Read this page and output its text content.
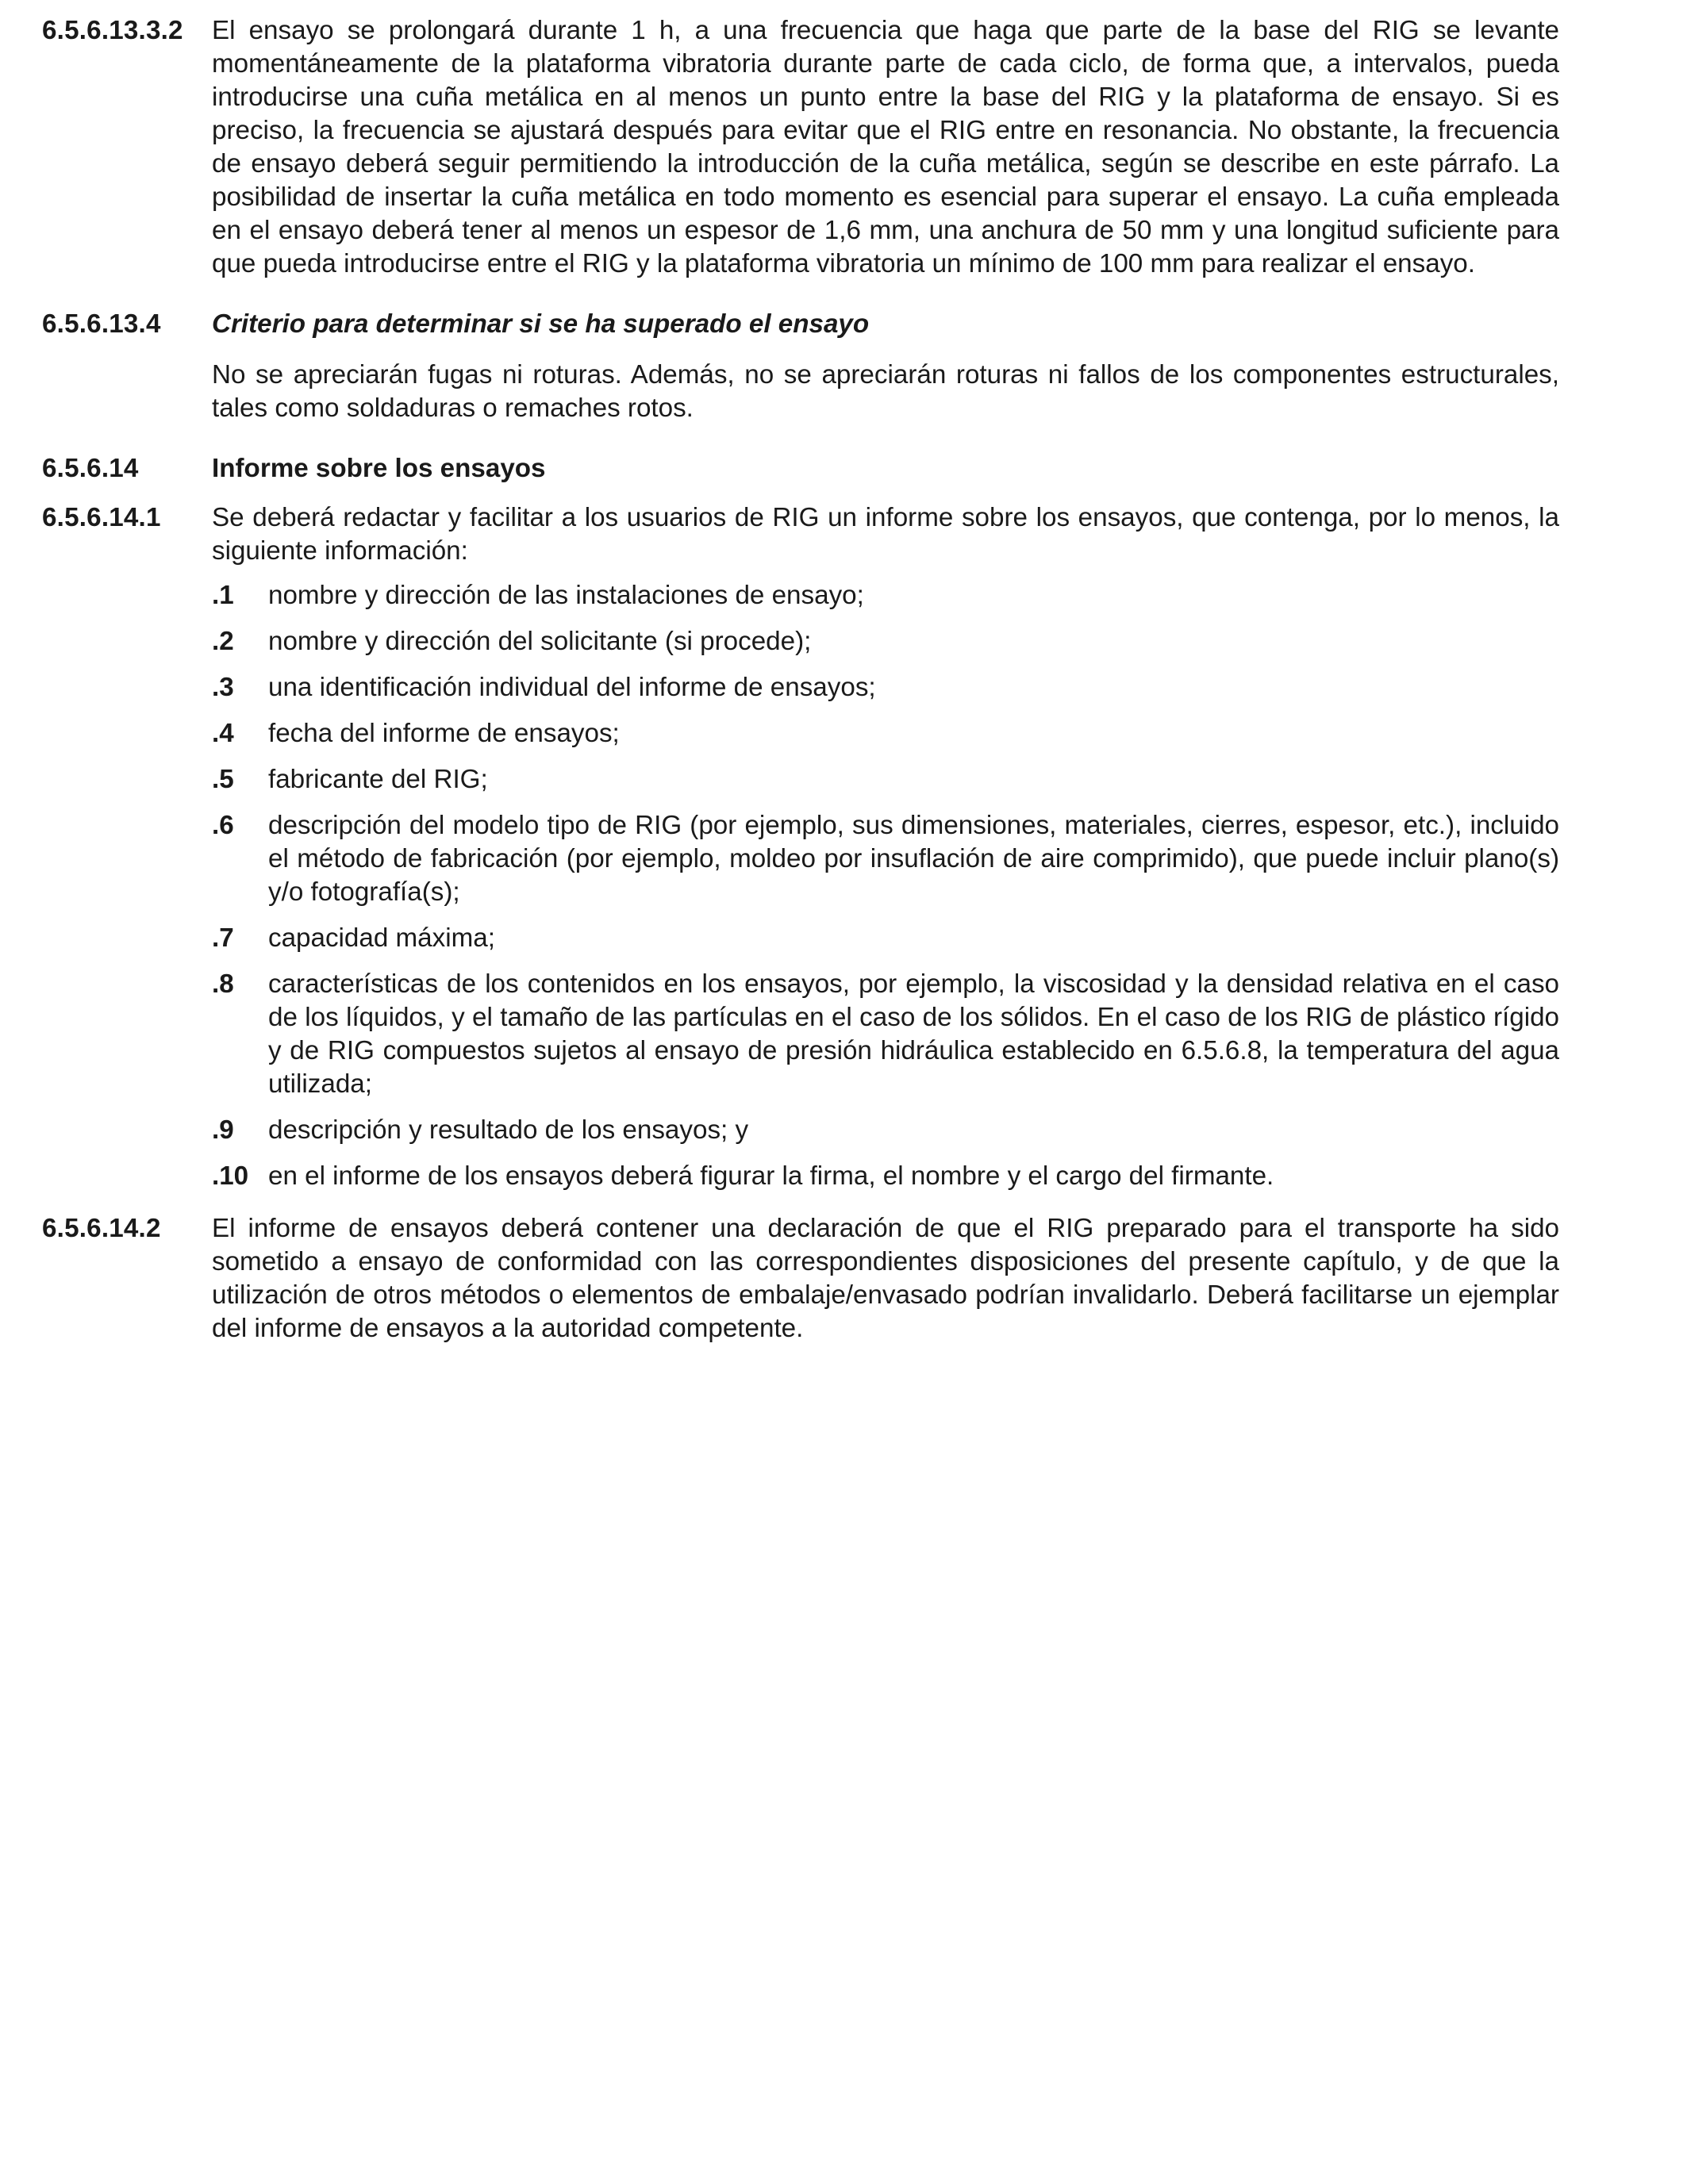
6.5.6.13.3.2	El ensayo se prolongará durante 1 h, a una frecuencia que haga que parte de la base del RIG se levante momentáneamente de la plataforma vibratoria durante parte de cada ciclo, de forma que, a intervalos, pueda introducirse una cuña metálica en al menos un punto entre la base del RIG y la plataforma de ensayo. Si es preciso, la frecuencia se ajustará después para evitar que el RIG entre en resonancia. No obstante, la frecuencia de ensayo deberá seguir permitiendo la introducción de la cuña metálica, según se describe en este párrafo. La posibilidad de insertar la cuña metálica en todo momento es esencial para superar el ensayo. La cuña empleada en el ensayo deberá tener al menos un espesor de 1,6 mm, una anchura de 50 mm y una longitud suficiente para que pueda introducirse entre el RIG y la plataforma vibratoria un mínimo de 100 mm para realizar el ensayo.
6.5.6.13.4	Criterio para determinar si se ha superado el ensayo
No se apreciarán fugas ni roturas. Además, no se apreciarán roturas ni fallos de los componentes estructurales, tales como soldaduras o remaches rotos.
6.5.6.14	Informe sobre los ensayos
6.5.6.14.1	Se deberá redactar y facilitar a los usuarios de RIG un informe sobre los ensayos, que contenga, por lo menos, la siguiente información:
.1	nombre y dirección de las instalaciones de ensayo;
.2	nombre y dirección del solicitante (si procede);
.3	una identificación individual del informe de ensayos;
.4	fecha del informe de ensayos;
.5	fabricante del RIG;
.6	descripción del modelo tipo de RIG (por ejemplo, sus dimensiones, materiales, cierres, espesor, etc.), incluido el método de fabricación (por ejemplo, moldeo por insuflación de aire comprimido), que puede incluir plano(s) y/o fotografía(s);
.7	capacidad máxima;
.8	características de los contenidos en los ensayos, por ejemplo, la viscosidad y la densidad relativa en el caso de los líquidos, y el tamaño de las partículas en el caso de los sólidos. En el caso de los RIG de plástico rígido y de RIG compuestos sujetos al ensayo de presión hidráulica establecido en 6.5.6.8, la temperatura del agua utilizada;
.9	descripción y resultado de los ensayos; y
.10 en el informe de los ensayos deberá figurar la firma, el nombre y el cargo del firmante.
6.5.6.14.2	El informe de ensayos deberá contener una declaración de que el RIG preparado para el transporte ha sido sometido a ensayo de conformidad con las correspondientes disposiciones del presente capítulo, y de que la utilización de otros métodos o elementos de embalaje/envasado podrían invalidarlo. Deberá facilitarse un ejemplar del informe de ensayos a la autoridad competente.
